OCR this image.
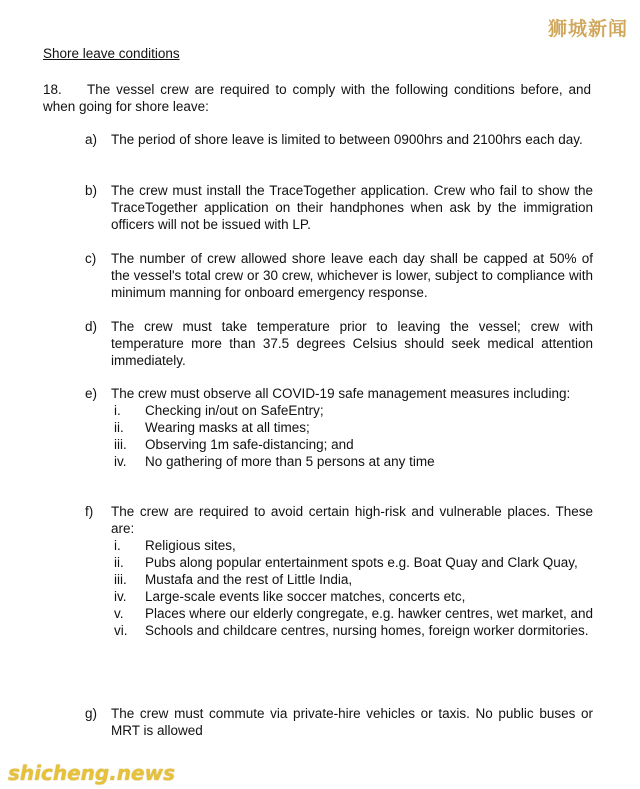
狮城新闻
Shore leave conditions
18. The vessel crew are required to comply with the following conditions before, and when going for shore leave:
a) The period of shore leave is limited to between 0900hrs and 2100hrs each day.
b) The crew must install the TraceTogether application. Crew who fail to show the TraceTogether application on their handphones when ask by the immigration officers will not be issued with LP.
c) The number of crew allowed shore leave each day shall be capped at 50% of the vessel's total crew or 30 crew, whichever is lower, subject to compliance with minimum manning for onboard emergency response.
d) The crew must take temperature prior to leaving the vessel; crew with temperature more than 37.5 degrees Celsius should seek medical attention immediately.
e) The crew must observe all COVID-19 safe management measures including:
i.	Checking in/out on SafeEntry;
ii.	Wearing masks at all times;
iii.	Observing 1m safe-distancing; and
iv.	No gathering of more than 5 persons at any time
f) The crew are required to avoid certain high-risk and vulnerable places. These are:
i.	Religious sites,
ii.	Pubs along popular entertainment spots e.g. Boat Quay and Clark Quay,
iii.	Mustafa and the rest of Little India,
iv.	Large-scale events like soccer matches, concerts etc,
v.	Places where our elderly congregate, e.g. hawker centres, wet market, and
vi.	Schools and childcare centres, nursing homes, foreign worker dormitories.
g) The crew must commute via private-hire vehicles or taxis. No public buses or MRT is allowed
shicheng.news
